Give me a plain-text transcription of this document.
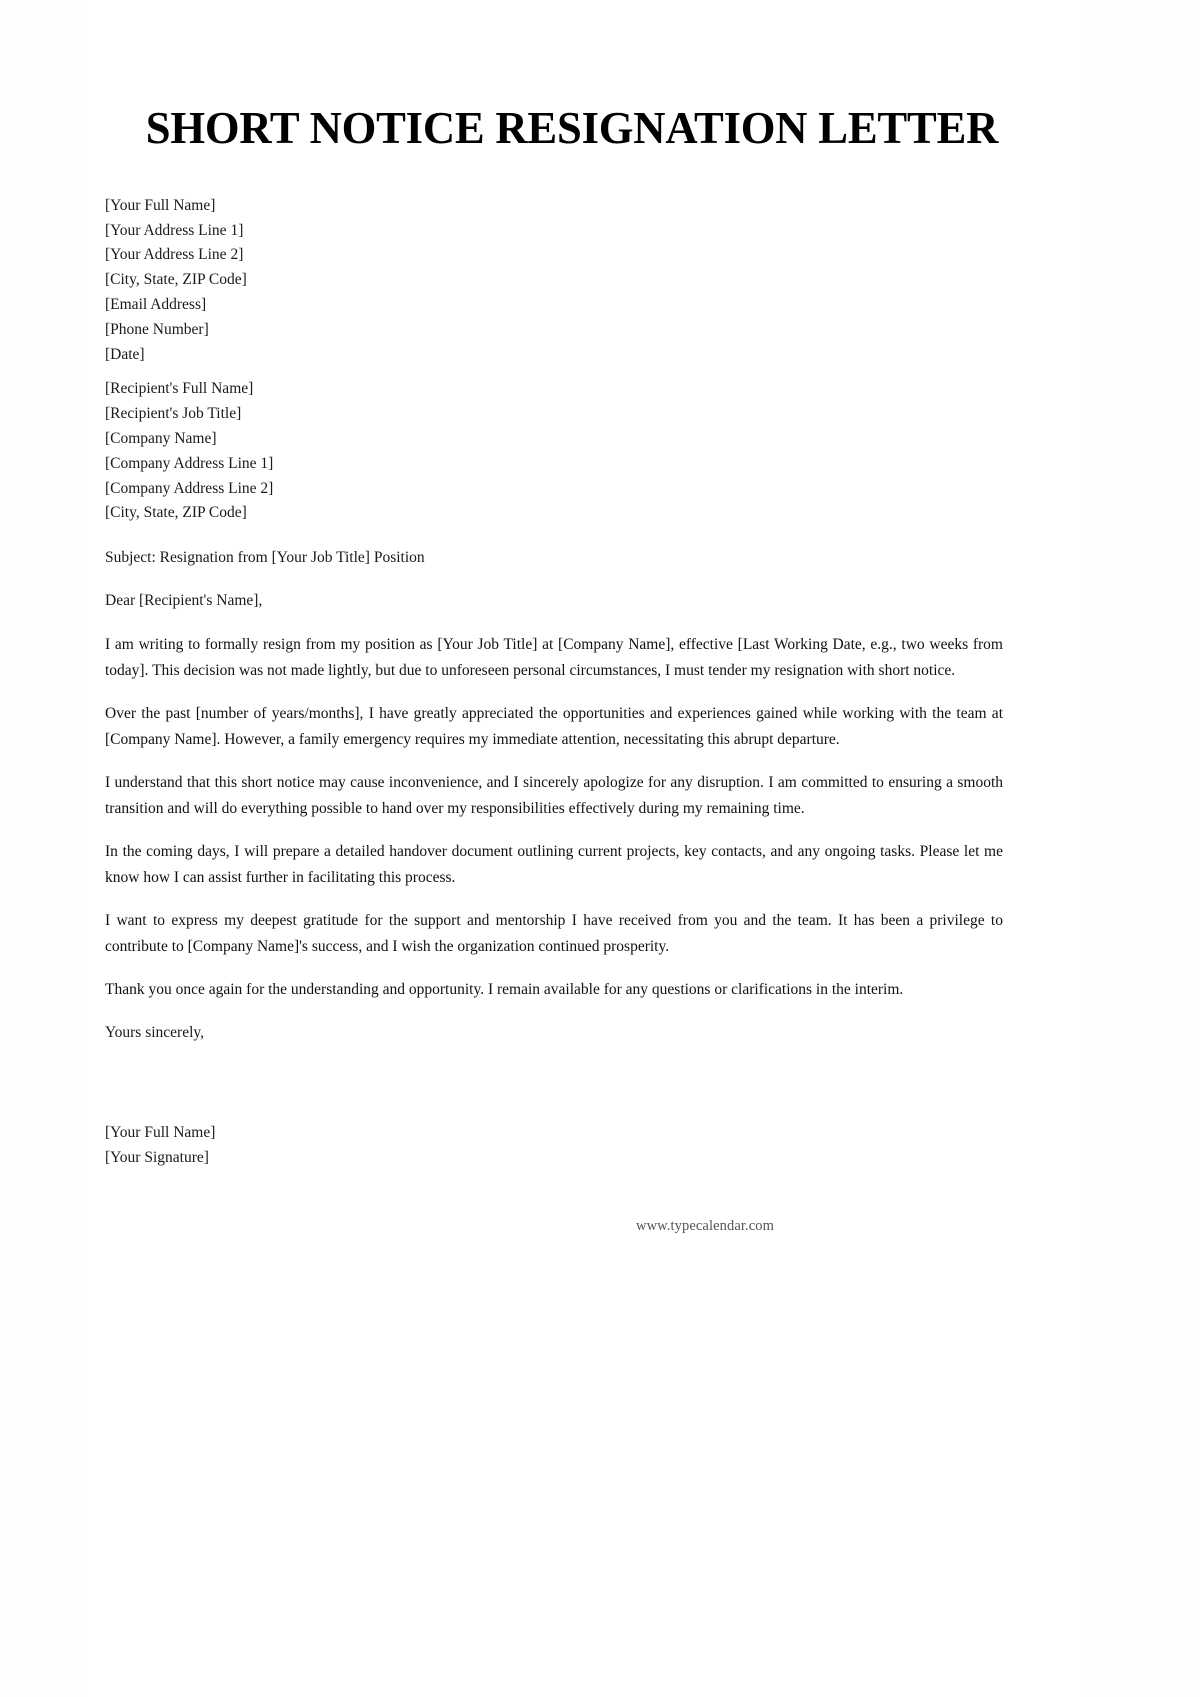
SHORT NOTICE RESIGNATION LETTER
[Your Full Name]
[Your Address Line 1]
[Your Address Line 2]
[City, State, ZIP Code]
[Email Address]
[Phone Number]
[Date]
[Recipient's Full Name]
[Recipient's Job Title]
[Company Name]
[Company Address Line 1]
[Company Address Line 2]
[City, State, ZIP Code]
Subject: Resignation from [Your Job Title] Position
Dear [Recipient's Name],

I am writing to formally resign from my position as [Your Job Title] at [Company Name], effective [Last Working Date, e.g., two weeks from today]. This decision was not made lightly, but due to unforeseen personal circumstances, I must tender my resignation with short notice.

Over the past [number of years/months], I have greatly appreciated the opportunities and experiences gained while working with the team at [Company Name]. However, a family emergency requires my immediate attention, necessitating this abrupt departure.

I understand that this short notice may cause inconvenience, and I sincerely apologize for any disruption. I am committed to ensuring a smooth transition and will do everything possible to hand over my responsibilities effectively during my remaining time.

In the coming days, I will prepare a detailed handover document outlining current projects, key contacts, and any ongoing tasks. Please let me know how I can assist further in facilitating this process.

I want to express my deepest gratitude for the support and mentorship I have received from you and the team. It has been a privilege to contribute to [Company Name]'s success, and I wish the organization continued prosperity.

Thank you once again for the understanding and opportunity. I remain available for any questions or clarifications in the interim.

Yours sincerely,
[Your Full Name]
[Your Signature]
www.typecalendar.com
